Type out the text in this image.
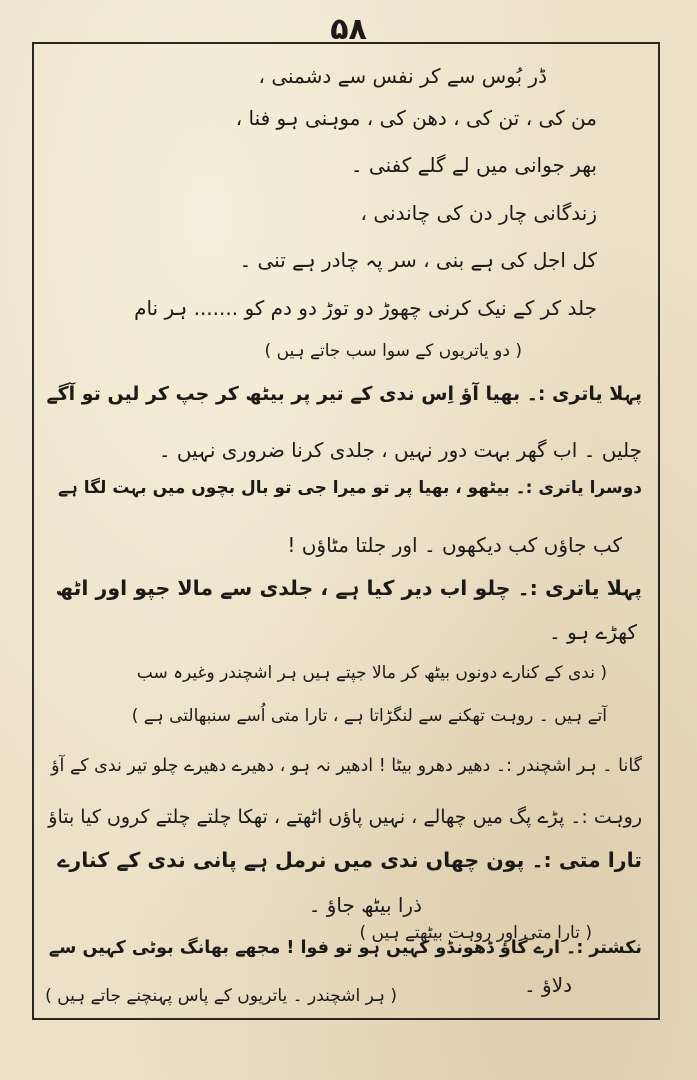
۵۸
ڈر بُوس سے کر نفس سے دشمنی ،
من کی ، تن کی ، دھن کی ، موہنی ہو فنا ،
بھر جوانی میں لے گلے کفنی ۔
زندگانی چار دن کی چاندنی ،
کل اجل کی ہے بنی ، سر پہ چادر ہے تنی ۔
جلد کر کے نیک کرنی چھوڑ دو توڑ دو دم کو ....... ہر نام
( دو یاتریوں کے سوا سب جاتے ہیں )
پہلا یاتری :۔ بھیا آؤ اِس ندی کے تیر پر بیٹھ کر جپ کر لیں تو آگے
چلیں ۔ اب گھر بہت دور نہیں ، جلدی کرنا ضروری نہیں ۔
دوسرا یاتری :۔ بیٹھو ، بھیا پر تو میرا جی تو بال بچوں میں بہت لگا ہے
کب جاؤں کب دیکھوں ۔ اور جلتا مٹاؤں !
پہلا یاتری :۔ چلو اب دیر کیا ہے ، جلدی سے مالا جپو اور اٹھ
کھڑے ہو ۔
( ندی کے کنارے دونوں بیٹھ کر مالا جپتے ہیں ہر اشچندر وغیرہ سب
آتے ہیں ۔ روہت تھکنے سے لنگڑاتا ہے ، تارا متی اُسے سنبھالتی ہے )
گانا ۔ ہر اشچندر :۔ دھیر دھرو بیٹا ! ادھیر نہ ہو ، دھیرے دھیرے چلو تیر ندی کے آؤ
روہت :۔ پڑے پگ میں چھالے ، نہیں پاؤں اٹھتے ، تھکا چلتے چلتے کروں کیا بتاؤ
تارا متی :۔ پون چھاں ندی میں نرمل ہے پانی ندی کے کنارے
ذرا بیٹھ جاؤ ۔
( تارا متی اور روہت بیٹھتے ہیں )
نکشتر :۔ ارے گاؤ ڈھونڈو کہیں ہو تو فوا ! مجھے بھانگ بوٹی کہیں سے
دلاؤ ۔
( ہر اشچندر ۔ یاتریوں کے پاس پہنچنے جاتے ہیں )
